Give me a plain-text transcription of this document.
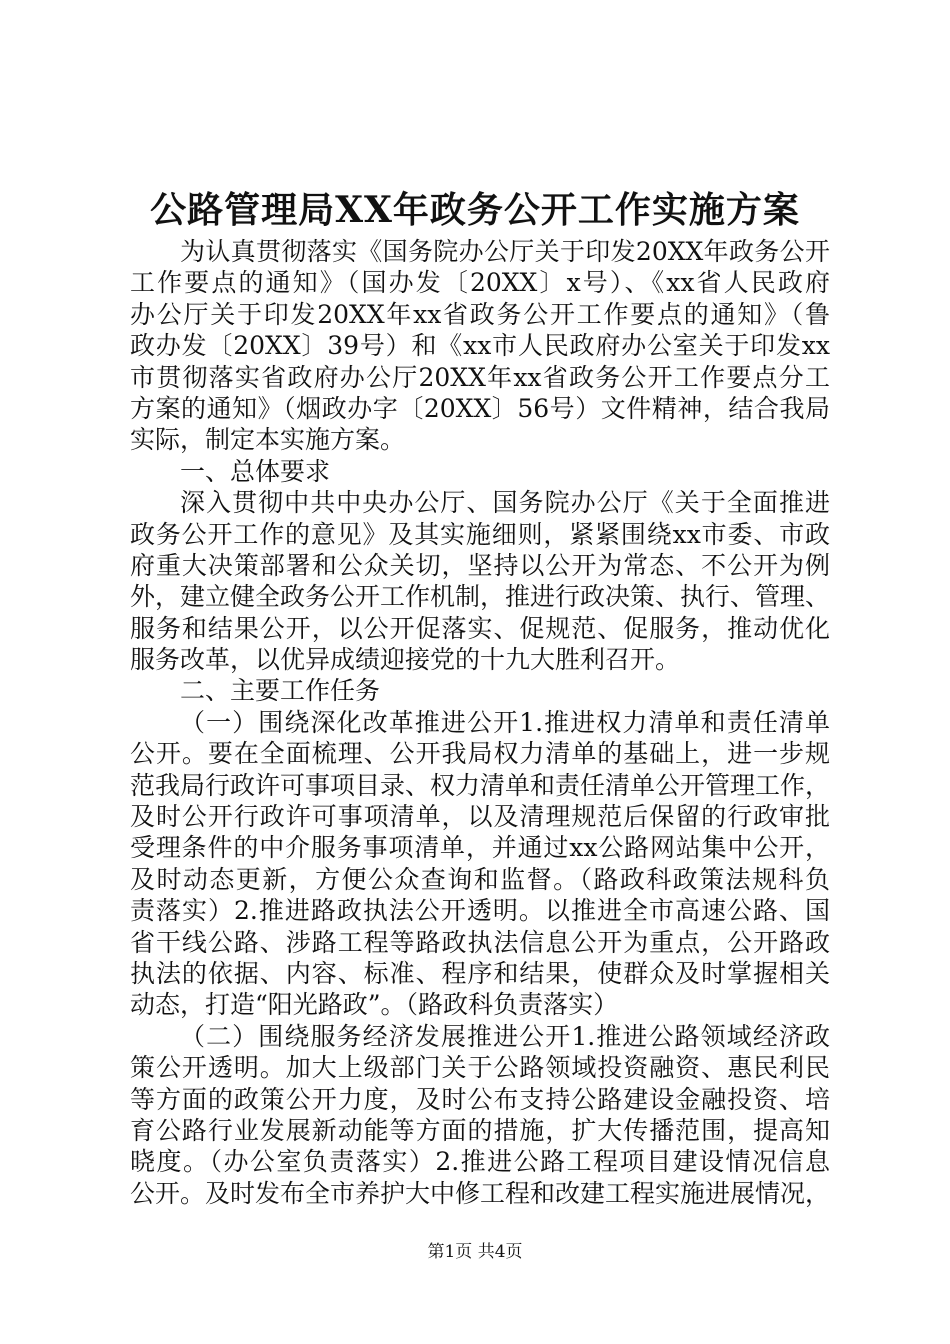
公路管理局XX年政务公开工作实施方案
为认真贯彻落实《国务院办公厅关于印发20XX年政务公开
工作要点的通知》（国办发〔20XX〕x号）、《xx省人民政府
办公厅关于印发20XX年xx省政务公开工作要点的通知》（鲁
政办发〔20XX〕39号）和《xx市人民政府办公室关于印发xx
市贯彻落实省政府办公厅20XX年xx省政务公开工作要点分工
方案的通知》（烟政办字〔20XX〕56号）文件精神，结合我局
实际，制定本实施方案。
一、总体要求
深入贯彻中共中央办公厅、国务院办公厅《关于全面推进
政务公开工作的意见》及其实施细则，紧紧围绕xx市委、市政
府重大决策部署和公众关切，坚持以公开为常态、不公开为例
外，建立健全政务公开工作机制，推进行政决策、执行、管理、
服务和结果公开，以公开促落实、促规范、促服务，推动优化
服务改革，以优异成绩迎接党的十九大胜利召开。
二、主要工作任务
（一）围绕深化改革推进公开1.推进权力清单和责任清单
公开。要在全面梳理、公开我局权力清单的基础上，进一步规
范我局行政许可事项目录、权力清单和责任清单公开管理工作，
及时公开行政许可事项清单，以及清理规范后保留的行政审批
受理条件的中介服务事项清单，并通过xx公路网站集中公开，
及时动态更新，方便公众查询和监督。（路政科政策法规科负
责落实）2.推进路政执法公开透明。以推进全市高速公路、国
省干线公路、涉路工程等路政执法信息公开为重点，公开路政
执法的依据、内容、标准、程序和结果，使群众及时掌握相关
动态，打造“阳光路政”。（路政科负责落实）
（二）围绕服务经济发展推进公开1.推进公路领域经济政
策公开透明。加大上级部门关于公路领域投资融资、惠民利民
等方面的政策公开力度，及时公布支持公路建设金融投资、培
育公路行业发展新动能等方面的措施，扩大传播范围，提高知
晓度。（办公室负责落实）2.推进公路工程项目建设情况信息
公开。及时发布全市养护大中修工程和改建工程实施进展情况，
第1页 共4页
